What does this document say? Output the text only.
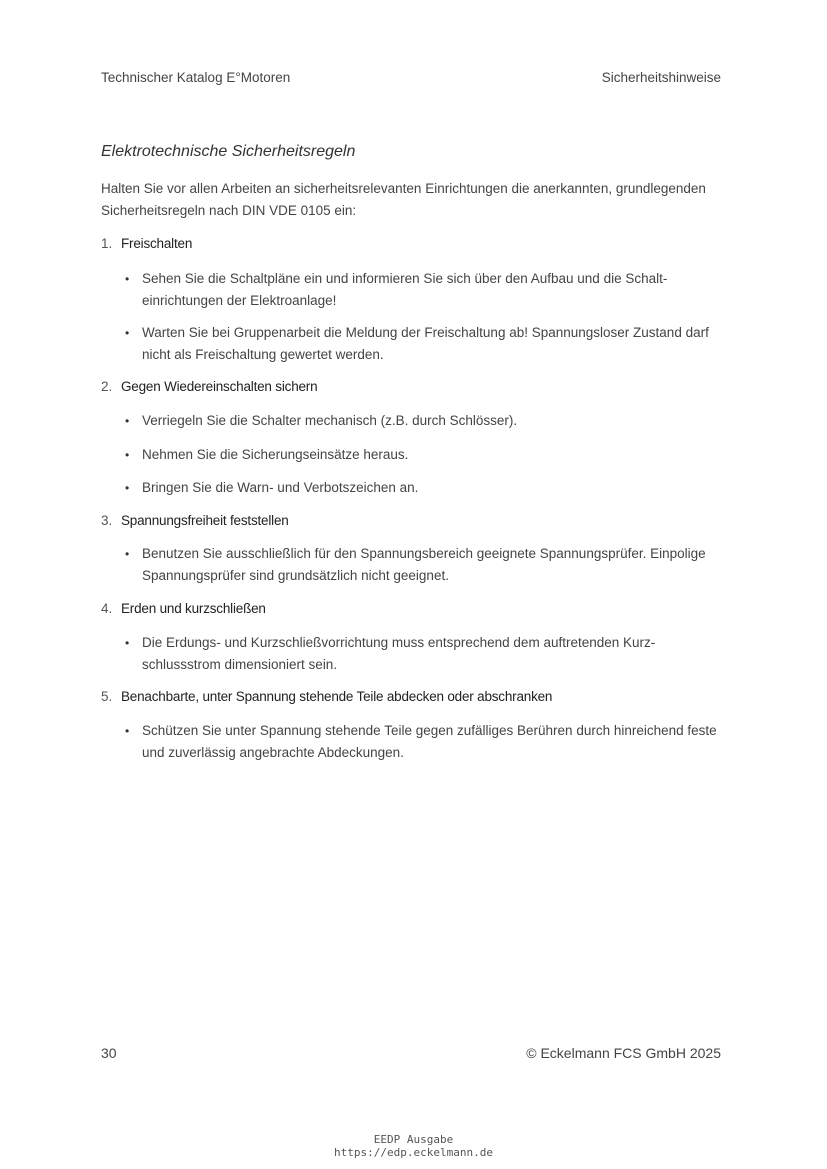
Technischer Katalog E°Motoren	Sicherheitshinweise
Elektrotechnische Sicherheitsregeln
Halten Sie vor allen Arbeiten an sicherheitsrelevanten Einrichtungen die anerkannten, grundlegenden Sicherheitsregeln nach DIN VDE 0105 ein:
1. Freischalten
• Sehen Sie die Schaltpläne ein und informieren Sie sich über den Aufbau und die Schalt-einrichtungen der Elektroanlage!
• Warten Sie bei Gruppenarbeit die Meldung der Freischaltung ab! Spannungsloser Zustand darf nicht als Freischaltung gewertet werden.
2. Gegen Wiedereinschalten sichern
• Verriegeln Sie die Schalter mechanisch (z.B. durch Schlösser).
• Nehmen Sie die Sicherungseinsätze heraus.
• Bringen Sie die Warn- und Verbotszeichen an.
3. Spannungsfreiheit feststellen
• Benutzen Sie ausschließlich für den Spannungsbereich geeignete Spannungsprüfer. Einpolige Spannungsprüfer sind grundsätzlich nicht geeignet.
4. Erden und kurzschließen
• Die Erdungs- und Kurzschließvorrichtung muss entsprechend dem auftretenden Kurz-schlussstrom dimensioniert sein.
5. Benachbarte, unter Spannung stehende Teile abdecken oder abschranken
• Schützen Sie unter Spannung stehende Teile gegen zufälliges Berühren durch hinreichend feste und zuverlässig angebrachte Abdeckungen.
30	© Eckelmann FCS GmbH 2025
EEDP Ausgabe
https://edp.eckelmann.de
